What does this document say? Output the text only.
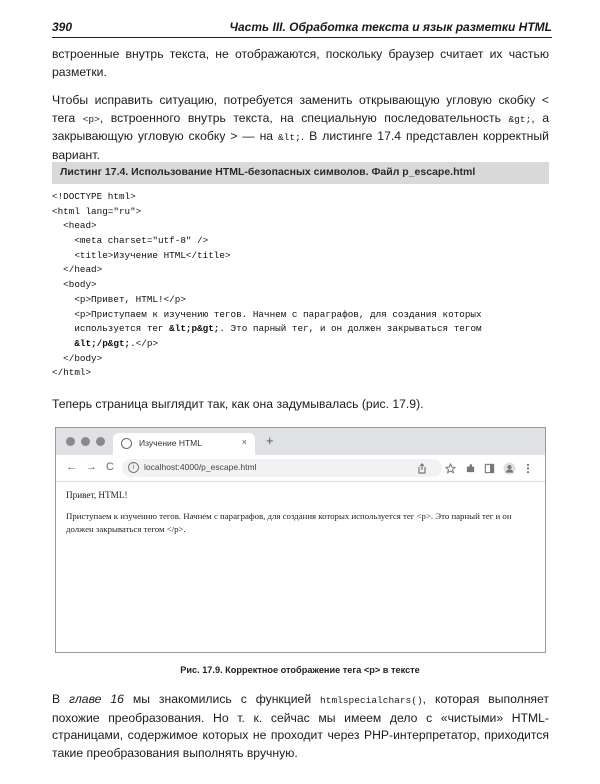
390	Часть III. Обработка текста и язык разметки HTML

встроенные внутрь текста, не отображаются, поскольку браузер считает их частью разметки.

Чтобы исправить ситуацию, потребуется заменить открывающую угловую скобку < тега <p>, встроенного внутрь текста, на специальную последовательность &gt;, а закрывающую угловую скобку > — на &lt;. В листинге 17.4 представлен корректный вариант.

Листинг 17.4. Использование HTML-безопасных символов. Файл p_escape.html
<!DOCTYPE html>
<html lang="ru">
<head>
<meta charset="utf-8" />
<title>Изучение HTML</title>
</head>
<body>
<p>Привет, HTML!</p>
<p>Приступаем к изучению тегов. Начнем с параграфов, для создания которых
используется тег &lt;p&gt;. Это парный тег, и он должен закрываться тегом
&lt;/p&gt;.</p>
</body>
</html>

Теперь страница выглядит так, как она задумывалась (рис. 17.9).

Изучение HTML	× +
← → C	i	localhost:4000/p_escape.html

Привет, HTML!

Приступаем к изучению тегов. Начнем с параграфов, для создания которых используется тег <p>. Это парный тег и он должен закрываться тегом </p>.

Рис. 17.9. Корректное отображение тега <p> в тексте

В главе 16 мы знакомились с функцией htmlspecialchars(), которая выполняет похожие преобразования. Но т. к. сейчас мы имеем дело с «чистыми» HTML-страницами, содержимое которых не проходит через PHP-интерпретатор, приходится такие преобразования выполнять вручную.
